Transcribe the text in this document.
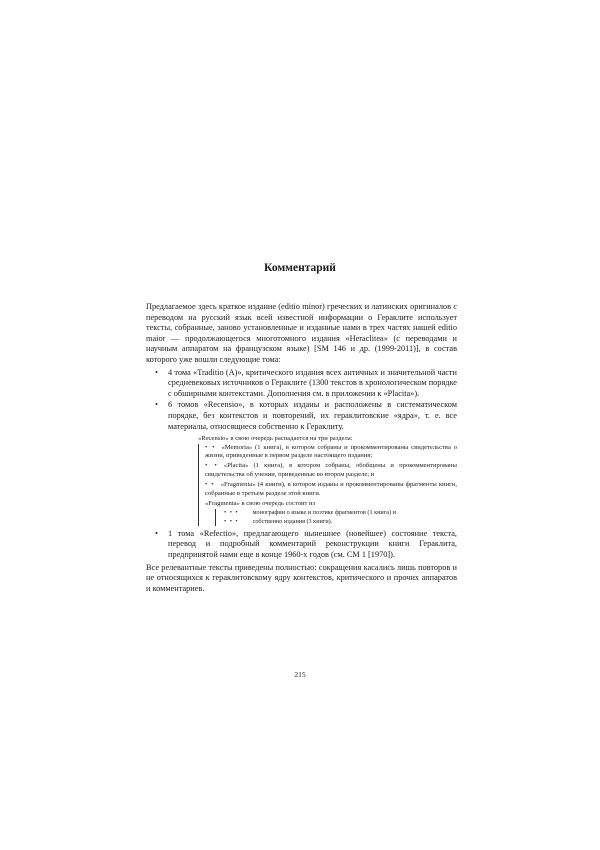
Комментарий

Предлагаемое здесь краткое издание (editio minor) греческих и латинских оригиналов с переводом на русский язык всей известной информации о Гераклите использует тексты, собранные, заново установленные и изданные нами в трех частях нашей editio maior — продолжающегося многотомного издания «Heraclitea» (с переводами и научным аппаратом на французском языке) [SM 146 и др. (1999-2011)], в состав которого уже вошли следующие тома:

• 4 тома «Traditio (A)», критического издания всех античных и значительной части средневековых источников о Гераклите (1300 текстов в хронологическом порядке с обширными контекстами. Дополнения см. в приложении к «Placita»).
• 6 томов «Recensio», в которых изданы и расположены в систематическом порядке, без контекстов и повторений, их гераклитовские «ядра», т. е. все материалы, относящиеся собственно к Гераклиту.

«Recensio» в свою очередь распадается на три раздела:

• • «Memoria» (1 книга), в котором собраны и прокомментированы свидетельства о жизни, приведенные в первом разделе настоящего издания;

• • «Placita» (1 книга), в котором собраны, обобщены и прокомментированы свидетельства об учении, приведенные во втором разделе; и

• • «Fragmenta» (4 книги), в котором изданы и прокомментированы фрагменты книги, собранные в третьем разделе этой книги.

«Fragmenta» в свою очередь состоит из

• • • монографии о языке и поэтике фрагментов (1 книга) и

• • • собственно издания (3 книги).

• 1 тома «Refectio», предлагающего нынешнее (новейшее) состояние текста, перевод и подробный комментарий реконструкции книги Гераклита, предпринятой нами еще в конце 1960-х годов (см. СМ 1 [1970]).

Все релевантные тексты приведены полностью: сокращения касались лишь повторов и не относящихся к гераклитовскому ядру контекстов, критического и прочих аппаратов и комментариев.

215
